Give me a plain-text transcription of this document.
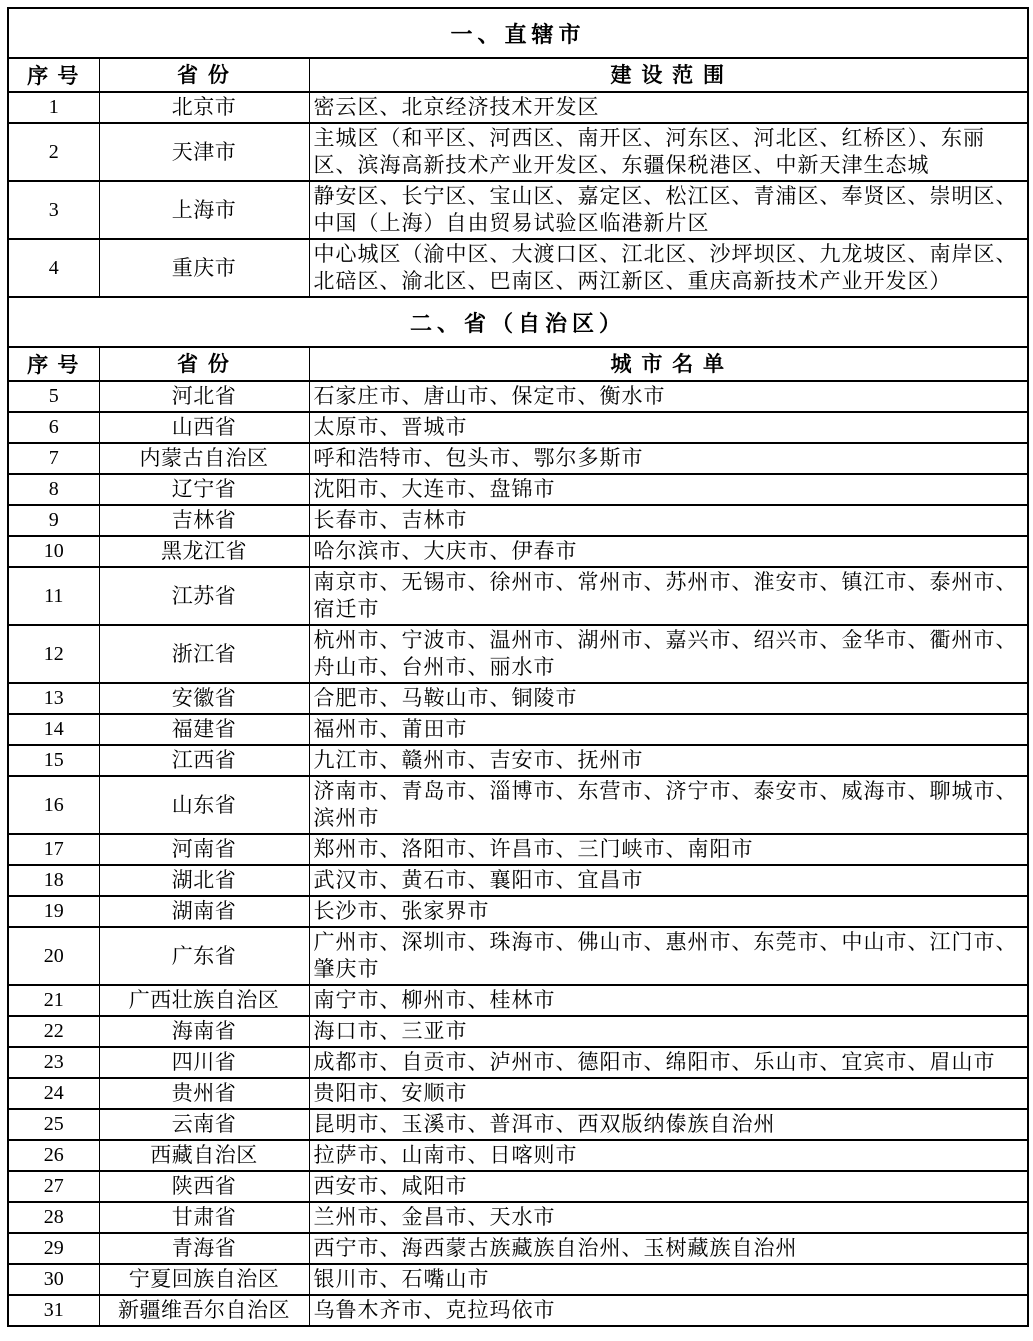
一、直辖市		
序 号	省 份	建 设 范 围
1	北京市	密云区、北京经济技术开发区
2	天津市	主城区（和平区、河西区、南开区、河东区、河北区、红桥区）、东丽区、滨海高新技术产业开发区、东疆保税港区、中新天津生态城
3	上海市	静安区、长宁区、宝山区、嘉定区、松江区、青浦区、奉贤区、崇明区、中国（上海）自由贸易试验区临港新片区
4	重庆市	中心城区（渝中区、大渡口区、江北区、沙坪坝区、九龙坡区、南岸区、北碚区、渝北区、巴南区、两江新区、重庆高新技术产业开发区）
二、省（自治区）		
序 号	省 份	城 市 名 单
5	河北省	石家庄市、唐山市、保定市、衡水市
6	山西省	太原市、晋城市
7	内蒙古自治区	呼和浩特市、包头市、鄂尔多斯市
8	辽宁省	沈阳市、大连市、盘锦市
9	吉林省	长春市、吉林市
10	黑龙江省	哈尔滨市、大庆市、伊春市
11	江苏省	南京市、无锡市、徐州市、常州市、苏州市、淮安市、镇江市、泰州市、宿迁市
12	浙江省	杭州市、宁波市、温州市、湖州市、嘉兴市、绍兴市、金华市、衢州市、舟山市、台州市、丽水市
13	安徽省	合肥市、马鞍山市、铜陵市
14	福建省	福州市、莆田市
15	江西省	九江市、赣州市、吉安市、抚州市
16	山东省	济南市、青岛市、淄博市、东营市、济宁市、泰安市、威海市、聊城市、滨州市
17	河南省	郑州市、洛阳市、许昌市、三门峡市、南阳市
18	湖北省	武汉市、黄石市、襄阳市、宜昌市
19	湖南省	长沙市、张家界市
20	广东省	广州市、深圳市、珠海市、佛山市、惠州市、东莞市、中山市、江门市、肇庆市
21	广西壮族自治区	南宁市、柳州市、桂林市
22	海南省	海口市、三亚市
23	四川省	成都市、自贡市、泸州市、德阳市、绵阳市、乐山市、宜宾市、眉山市
24	贵州省	贵阳市、安顺市
25	云南省	昆明市、玉溪市、普洱市、西双版纳傣族自治州
26	西藏自治区	拉萨市、山南市、日喀则市
27	陕西省	西安市、咸阳市
28	甘肃省	兰州市、金昌市、天水市
29	青海省	西宁市、海西蒙古族藏族自治州、玉树藏族自治州
30	宁夏回族自治区	银川市、石嘴山市
31	新疆维吾尔自治区	乌鲁木齐市、克拉玛依市
